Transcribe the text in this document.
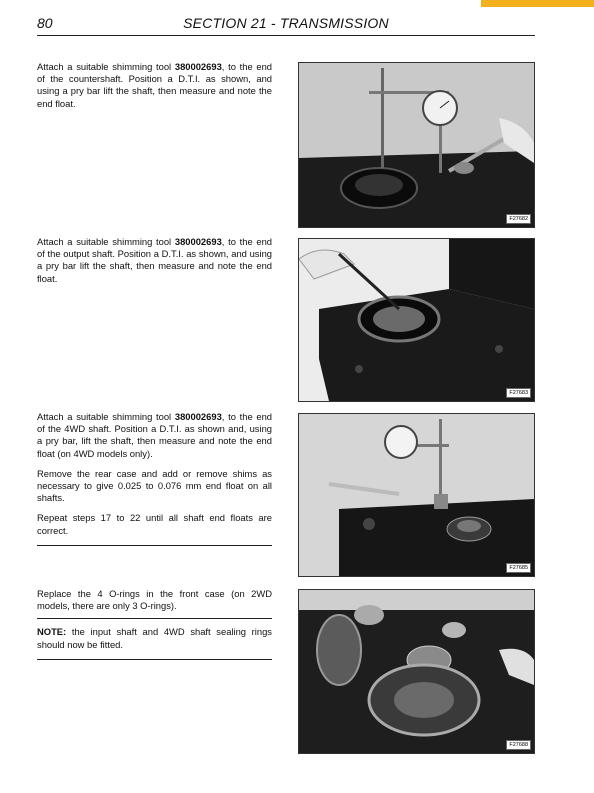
80	SECTION 21 - TRANSMISSION

Attach a suitable shimming tool 380002693, to the end of the countershaft. Position a D.T.I. as shown, and using a pry bar lift the shaft, then measure and note the end float.

F27682

Attach a suitable shimming tool 380002693, to the end of the output shaft. Position a D.T.I. as shown, and using a pry bar lift the shaft, then measure and note the end float.

F27683

Attach a suitable shimming tool 380002693, to the end of the 4WD shaft. Position a D.T.I. as shown and, using a pry bar, lift the shaft, then measure and note the end float (on 4WD models only).

Remove the rear case and add or remove shims as necessary to give 0.025 to 0.076 mm end float on all shafts.

Repeat steps 17 to 22 until all shaft end floats are correct.

F27685

Replace the 4 O-rings in the front case (on 2WD models, there are only 3 O-rings).

NOTE: the input shaft and 4WD shaft sealing rings should now be fitted.
F27688
